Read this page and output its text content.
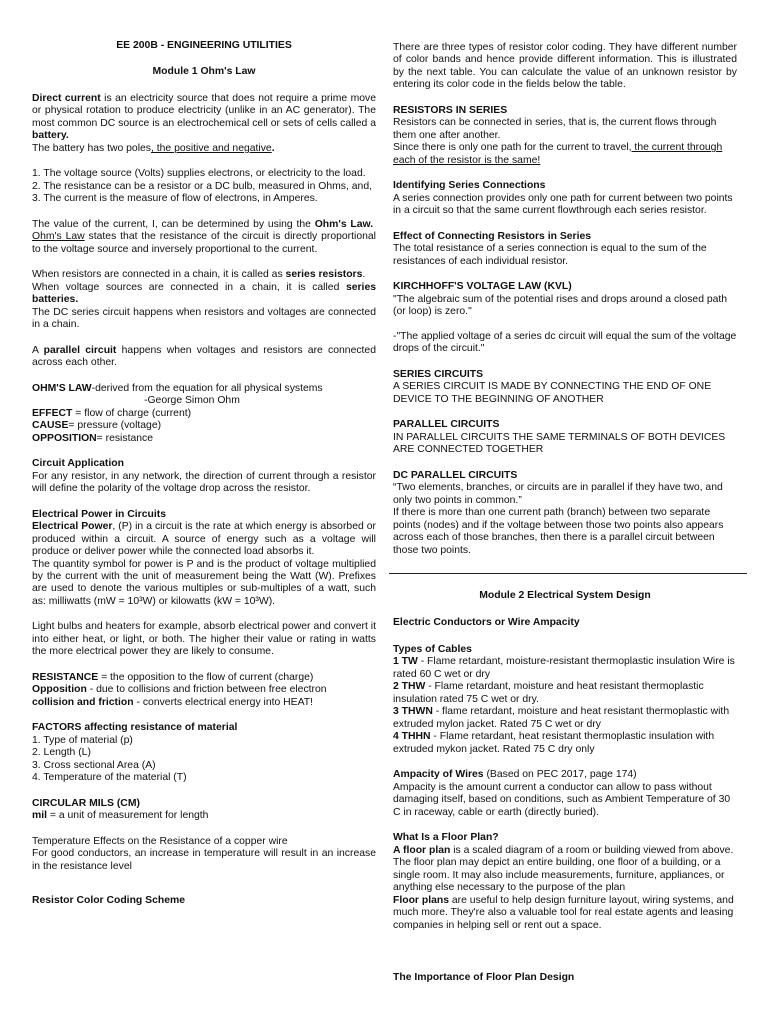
EE 200B - ENGINEERING UTILITIES
Module 1 Ohm's Law
Direct current is an electricity source that does not require a prime move or physical rotation to produce electricity (unlike in an AC generator). The most common DC source is an electrochemical cell or sets of cells called a battery.
The battery has two poles, the positive and negative.
1. The voltage source (Volts) supplies electrons, or electricity to the load.
2. The resistance can be a resistor or a DC bulb, measured in Ohms, and,
3. The current is the measure of flow of electrons, in Amperes.
The value of the current, I, can be determined by using the Ohm's Law.  Ohm's Law states that the resistance of the circuit is directly proportional to the voltage source and inversely proportional to the current.
When resistors are connected in a chain, it is called as series resistors.
When voltage sources are connected in a chain, it is called series batteries.
The DC series circuit happens when resistors and voltages are connected in a chain.
A parallel circuit happens when voltages and resistors are connected across each other.
OHM'S LAW-derived from the equation for all physical systems
-George Simon Ohm
EFFECT = flow of charge (current)
CAUSE= pressure (voltage)
OPPOSITION= resistance
Circuit Application
For any resistor, in any network, the direction of current through a resistor will define the polarity of the voltage drop across the resistor.
Electrical Power in Circuits
Electrical Power, (P) in a circuit is the rate at which energy is absorbed or produced within a circuit. A source of energy such as a voltage will produce or deliver power while the connected load absorbs it.
The quantity symbol for power is P and is the product of voltage multiplied by the current with the unit of measurement being the Watt (W). Prefixes are used to denote the various multiples or sub-multiples of a watt, such as: milliwatts (mW = 10³W) or kilowatts (kW = 10³W).
Light bulbs and heaters for example, absorb electrical power and convert it into either heat, or light, or both. The higher their value or rating in watts the more electrical power they are likely to consume.
RESISTANCE = the opposition to the flow of current (charge)
Opposition - due to collisions and friction between free electron
collision and friction - converts electrical energy into HEAT!
FACTORS affecting resistance of material
1. Type of material (p)
2. Length (L)
3. Cross sectional Area (A)
4. Temperature of the material (T)
CIRCULAR MILS (CM)
mil = a unit of measurement for length
Temperature Effects on the Resistance of a copper wire
For good conductors, an increase in temperature will result in an increase in the resistance level
Resistor Color Coding Scheme
There are three types of resistor color coding. They have different number of color bands and hence provide different information. This is illustrated by the next table. You can calculate the value of an unknown resistor by entering its color code in the fields below the table.
RESISTORS IN SERIES
Resistors can be connected in series, that is, the current flows through them one after another.
Since there is only one path for the current to travel, the current through each of the resistor is the same!
Identifying Series Connections
A series connection provides only one path for current between two points in a circuit so that the same current flowthrough each series resistor.
Effect of Connecting Resistors in Series
The total resistance of a series connection is equal to the sum of the resistances of each individual resistor.
KIRCHHOFF'S VOLTAGE LAW (KVL)
"The algebraic sum of the potential rises and drops around a closed path (or loop) is zero."
-"The applied voltage of a series dc circuit will equal the sum of the voltage drops of the circuit."
SERIES CIRCUITS
A SERIES CIRCUIT IS MADE BY CONNECTING THE END OF ONE DEVICE TO THE BEGINNING OF ANOTHER
PARALLEL CIRCUITS
IN PARALLEL CIRCUITS THE SAME TERMINALS OF BOTH DEVICES ARE CONNECTED TOGETHER
DC PARALLEL CIRCUITS
“Two elements, branches, or circuits are in parallel if they have two, and only two points in common.”
If there is more than one current path (branch) between two separate points (nodes) and if the voltage between those two points also appears across each of those branches, then there is a parallel circuit between those two points.
Module 2 Electrical System Design
Electric Conductors or Wire Ampacity
Types of Cables
1 TW - Flame retardant, moisture-resistant thermoplastic insulation Wire is rated 60 C wet or dry
2 THW - Flame retardant, moisture and heat resistant thermoplastic insulation rated 75 C wet or dry.
3 THWN - flame retardant, moisture and heat resistant thermoplastic with extruded mylon jacket. Rated 75 C wet or dry
4 THHN - Flame retardant, heat resistant thermoplastic insulation with extruded mykon jacket. Rated 75 C dry only
Ampacity of Wires (Based on PEC 2017, page 174)
Ampacity is the amount current a conductor can allow to pass without damaging itself, based on conditions, such as Ambient Temperature of 30 C in raceway, cable or earth (directly buried).
What Is a Floor Plan?
A floor plan is a scaled diagram of a room or building viewed from above. The floor plan may depict an entire building, one floor of a building, or a single room. It may also include measurements, furniture, appliances, or anything else necessary to the purpose of the plan
Floor plans are useful to help design furniture layout, wiring systems, and much more. They're also a valuable tool for real estate agents and leasing companies in helping sell or rent out a space.
The Importance of Floor Plan Design
